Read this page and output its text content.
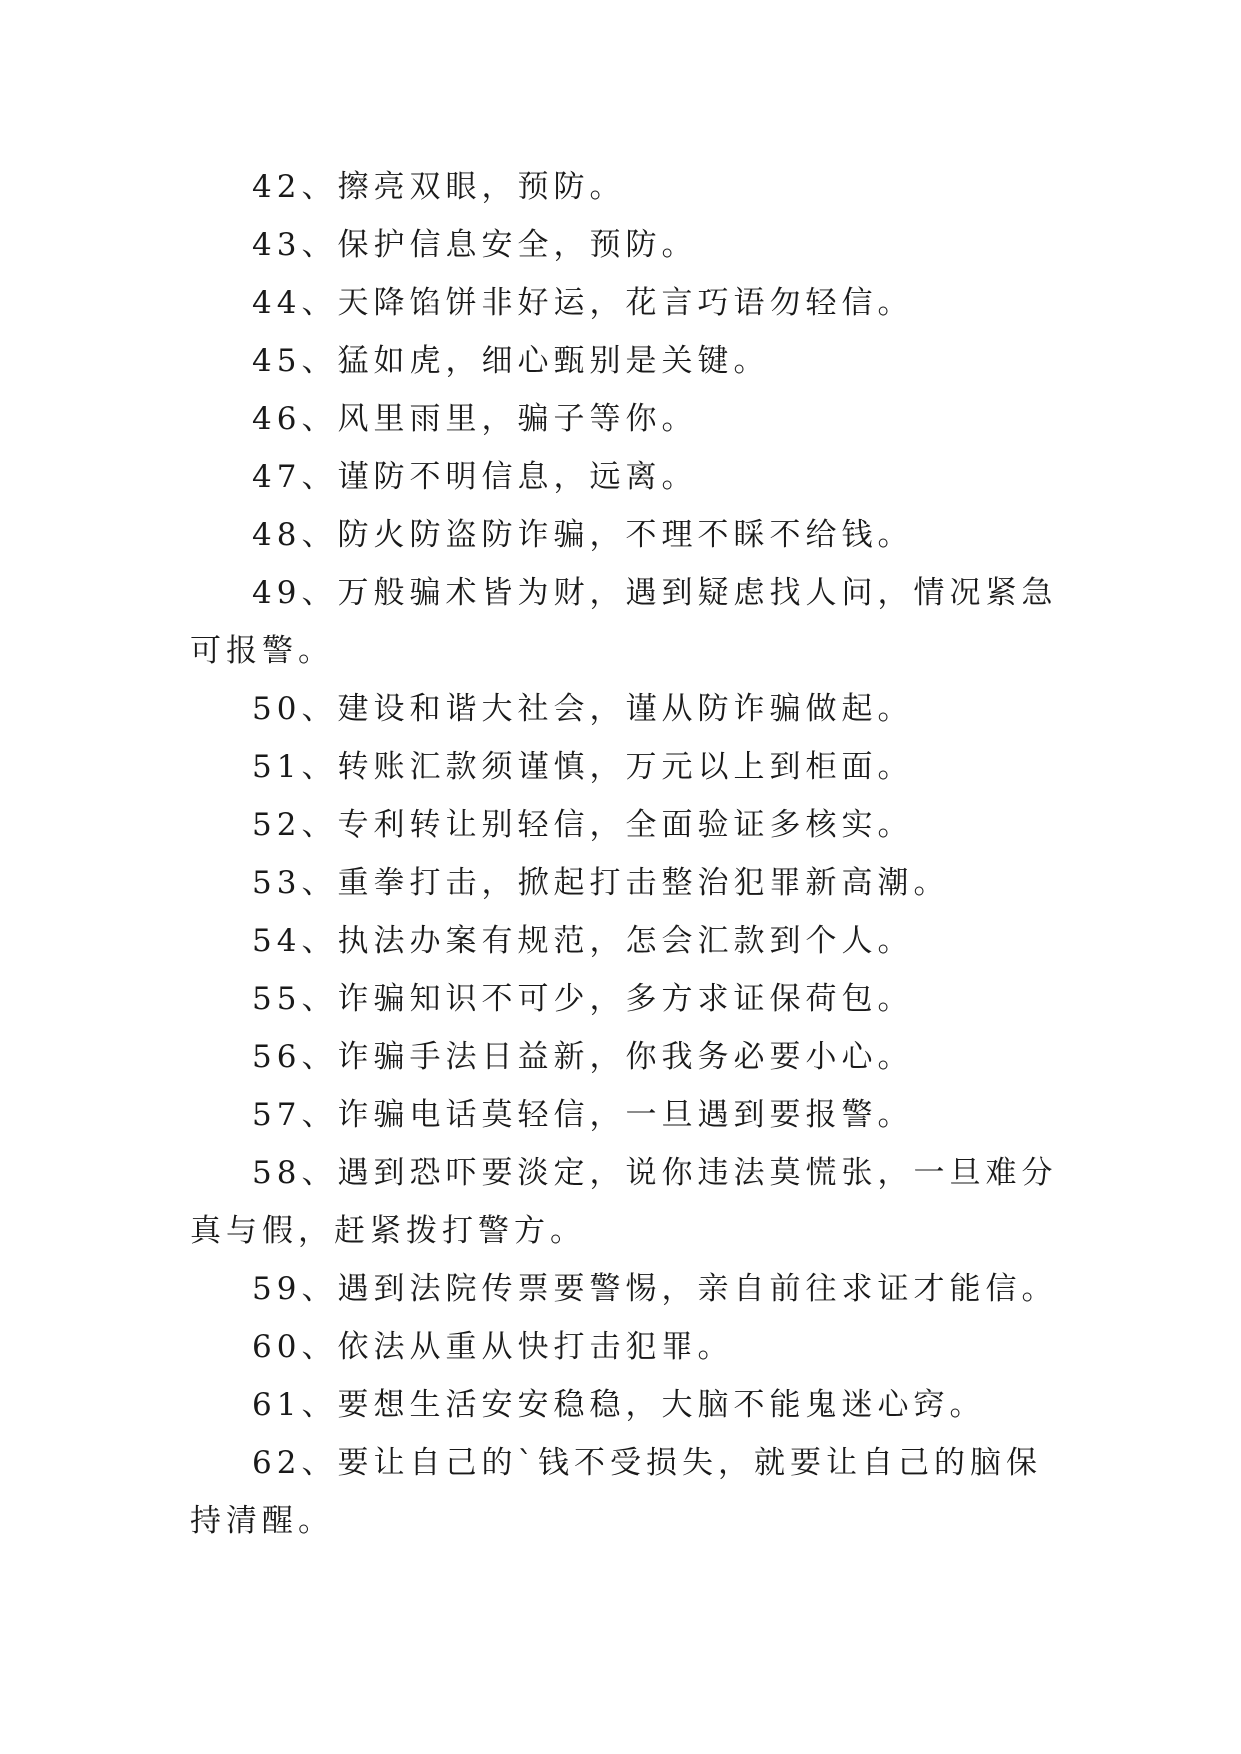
42、擦亮双眼，预防。

43、保护信息安全，预防。

44、天降馅饼非好运，花言巧语勿轻信。

45、猛如虎，细心甄别是关键。

46、风里雨里，骗子等你。

47、谨防不明信息，远离。

48、防火防盗防诈骗，不理不睬不给钱。

49、万般骗术皆为财，遇到疑虑找人问，情况紧急可报警。

50、建设和谐大社会，谨从防诈骗做起。

51、转账汇款须谨慎，万元以上到柜面。

52、专利转让别轻信，全面验证多核实。

53、重拳打击，掀起打击整治犯罪新高潮。

54、执法办案有规范，怎会汇款到个人。

55、诈骗知识不可少，多方求证保荷包。

56、诈骗手法日益新，你我务必要小心。

57、诈骗电话莫轻信，一旦遇到要报警。

58、遇到恐吓要淡定，说你违法莫慌张，一旦难分真与假，赶紧拨打警方。

59、遇到法院传票要警惕，亲自前往求证才能信。

60、依法从重从快打击犯罪。

61、要想生活安安稳稳，大脑不能鬼迷心窍。

62、要让自己的`钱不受损失，就要让自己的脑保持清醒。
